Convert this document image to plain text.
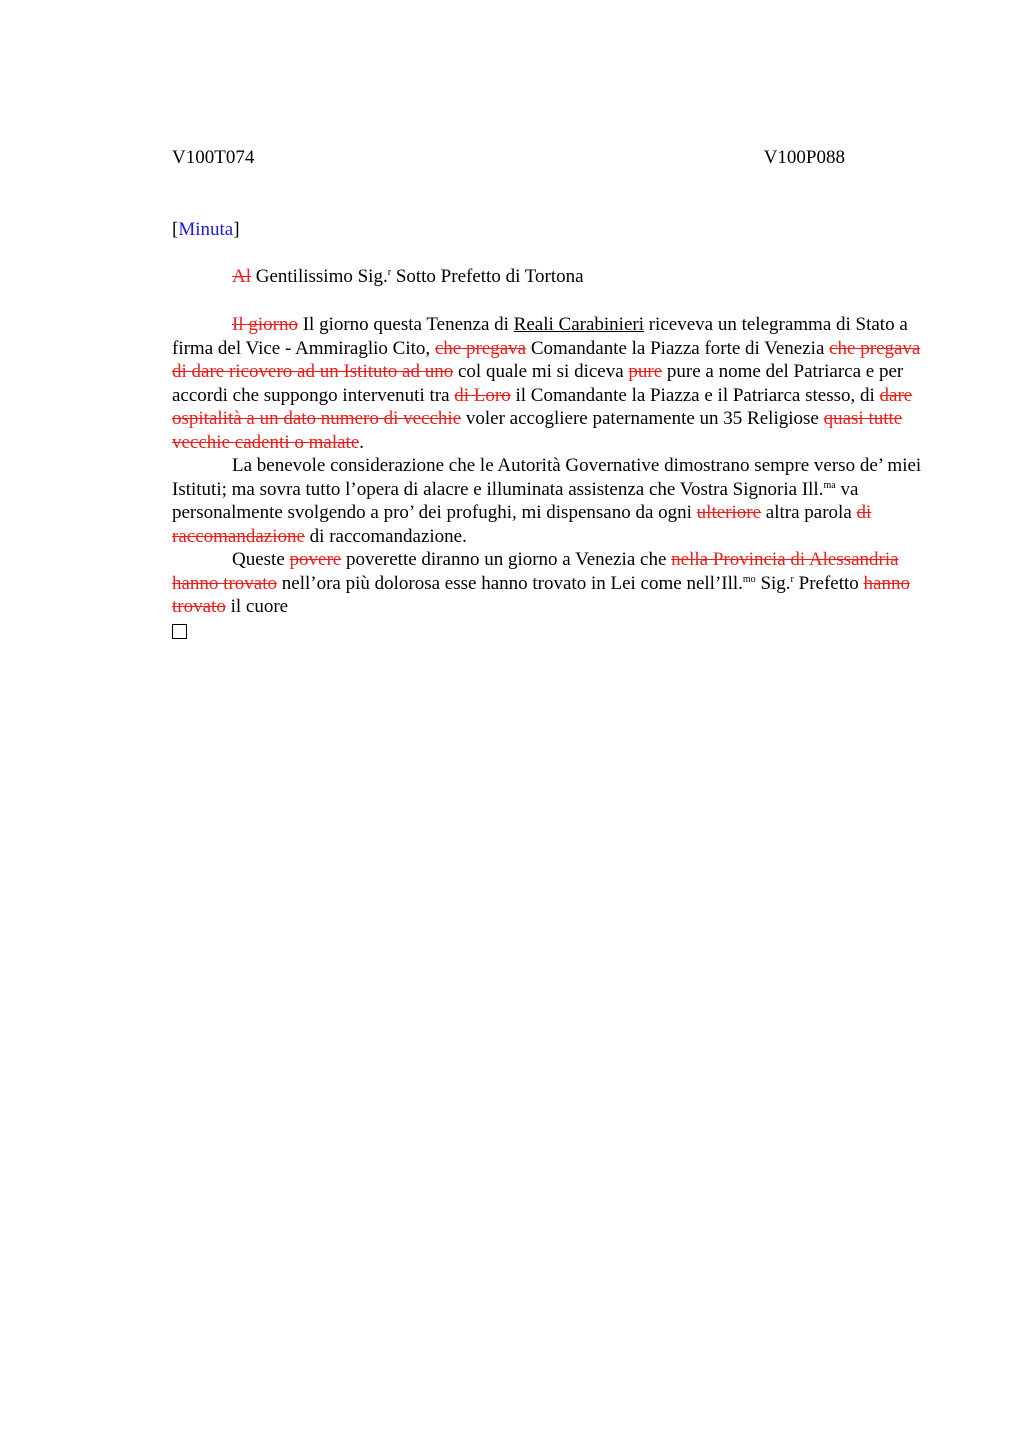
V100T074	V100P088
[Minuta]
Al Gentilissimo Sig.$^r$ Sotto Prefetto di Tortona

Il giorno Il giorno questa Tenenza di Reali Carabinieri riceveva un telegramma di Stato a firma del Vice - Ammiraglio Cito, che pregava Comandante la Piazza forte di Venezia che pregava di dare ricovero ad un Istituto ad uno col quale mi si diceva pure pure a nome del Patriarca e per accordi che suppongo intervenuti tra di Loro il Comandante la Piazza e il Patriarca stesso, di dare ospitalità a un dato numero di vecchie voler accogliere paternamente un 35 Religiose quasi tutte vecchie cadenti o malate.

La benevole considerazione che le Autorità Governative dimostrano sempre verso de’ miei Istituti; ma sovra tutto l’opera di alacre e illuminata assistenza che Vostra Signoria Ill.$^{ma}$ va personalmente svolgendo a pro’ dei profughi, mi dispensano da ogni ulteriore altra parola di raccomandazione di raccomandazione.

Queste povere poverette diranno un giorno a Venezia che nella Provincia di Alessandria hanno trovato nell’ora più dolorosa esse hanno trovato in Lei come nell’Ill.$^{mo}$ Sig.$^r$ Prefetto hanno trovato il cuore
